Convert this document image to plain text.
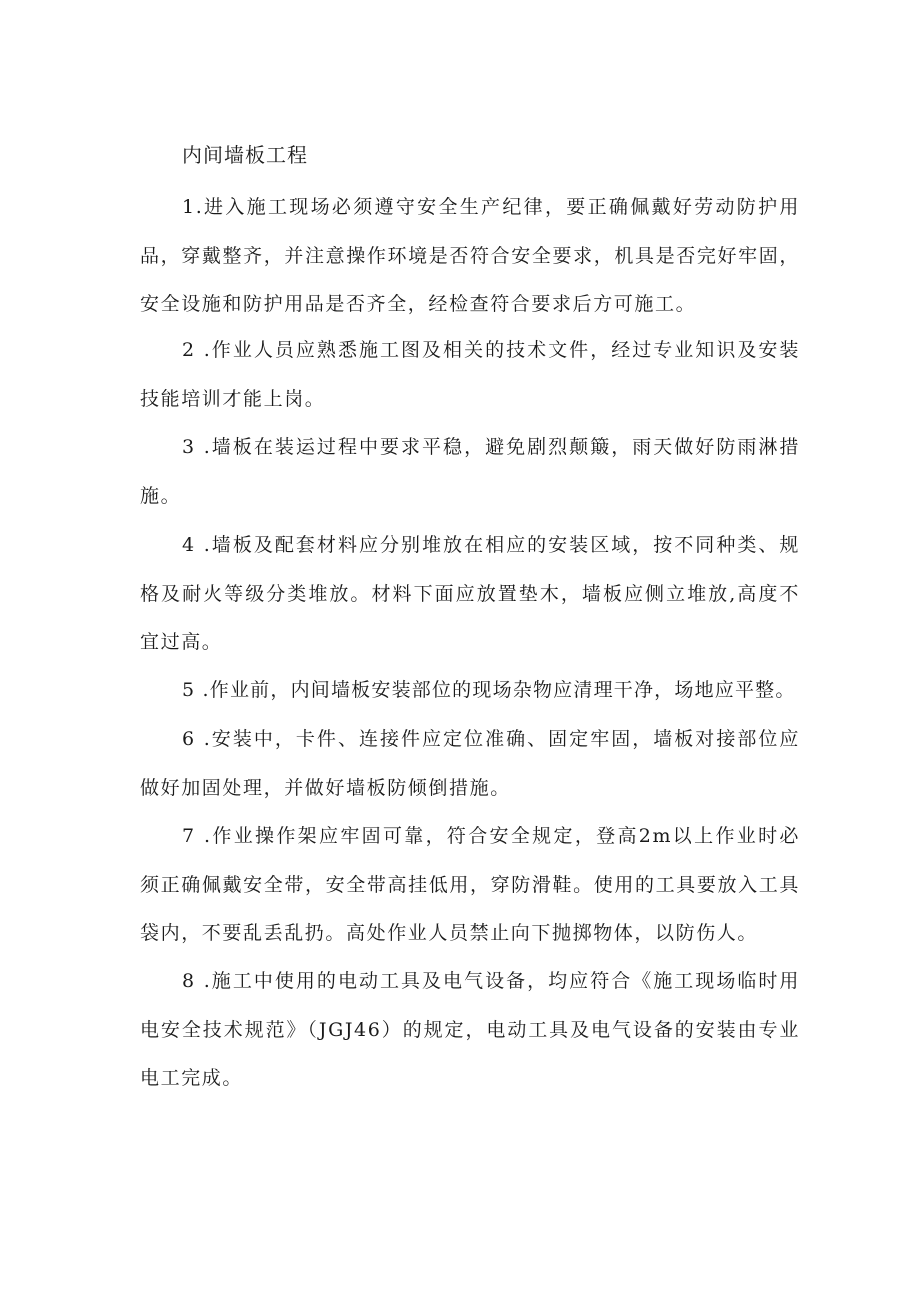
内间墙板工程

1.进入施工现场必须遵守安全生产纪律，要正确佩戴好劳动防护用品，穿戴整齐，并注意操作环境是否符合安全要求，机具是否完好牢固，安全设施和防护用品是否齐全，经检查符合要求后方可施工。

2 .作业人员应熟悉施工图及相关的技术文件，经过专业知识及安装技能培训才能上岗。

3 .墙板在装运过程中要求平稳，避免剧烈颠簸，雨天做好防雨淋措施。

4 .墙板及配套材料应分别堆放在相应的安装区域，按不同种类、规格及耐火等级分类堆放。材料下面应放置垫木，墙板应侧立堆放,高度不宜过高。

5 .作业前，内间墙板安装部位的现场杂物应清理干净，场地应平整。

6 .安装中，卡件、连接件应定位准确、固定牢固，墙板对接部位应做好加固处理，并做好墙板防倾倒措施。

7 .作业操作架应牢固可靠，符合安全规定，登高2m以上作业时必须正确佩戴安全带，安全带高挂低用，穿防滑鞋。使用的工具要放入工具袋内，不要乱丢乱扔。高处作业人员禁止向下抛掷物体，以防伤人。

8 .施工中使用的电动工具及电气设备，均应符合《施工现场临时用电安全技术规范》（JGJ46）的规定，电动工具及电气设备的安装由专业电工完成。
